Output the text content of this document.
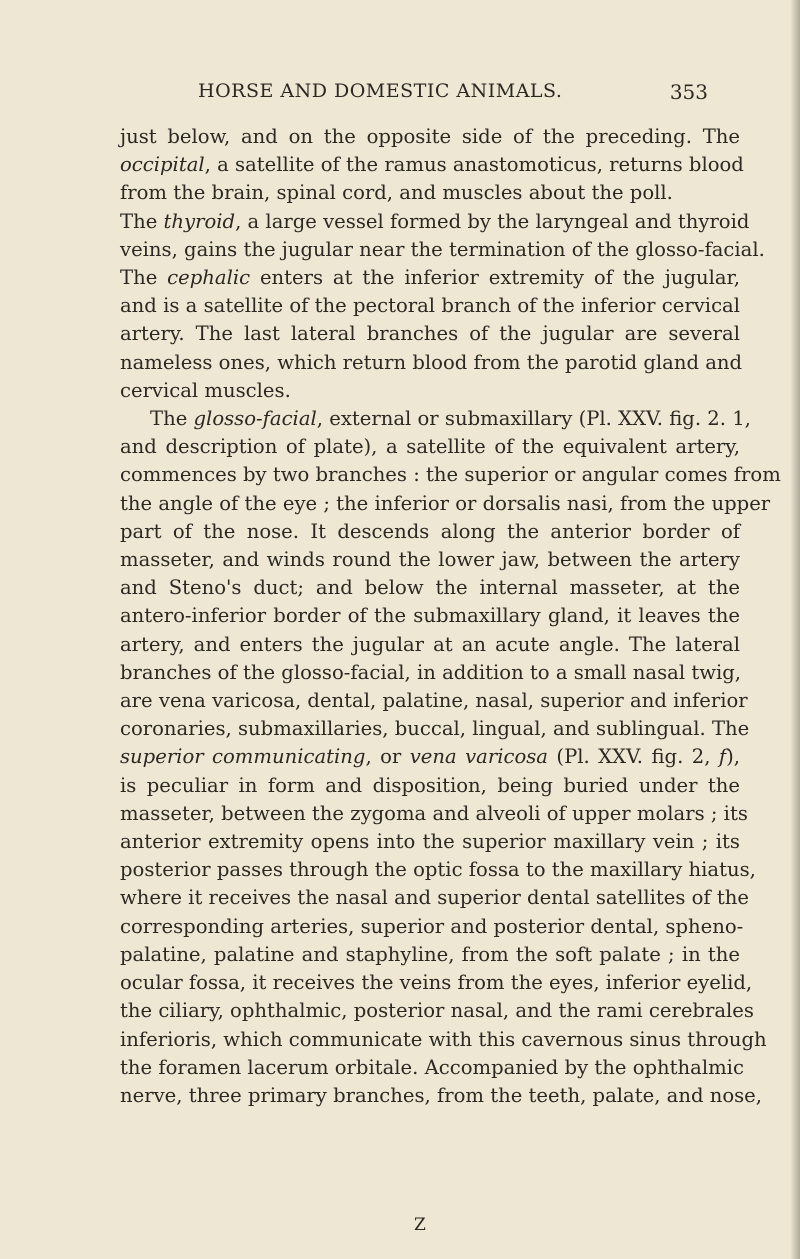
HORSE AND DOMESTIC ANIMALS.	353
just below, and on the opposite side of the preceding. The
occipital, a satellite of the ramus anastomoticus, returns blood
from the brain, spinal cord, and muscles about the poll.
The thyroid, a large vessel formed by the laryngeal and thyroid
veins, gains the jugular near the termination of the glosso-facial.
The cephalic enters at the inferior extremity of the jugular,
and is a satellite of the pectoral branch of the inferior cervical
artery. The last lateral branches of the jugular are several
nameless ones, which return blood from the parotid gland and
cervical muscles.
The glosso-facial, external or submaxillary (Pl. XXV. fig. 2. 1,
and description of plate), a satellite of the equivalent artery,
commences by two branches : the superior or angular comes from
the angle of the eye ; the inferior or dorsalis nasi, from the upper
part of the nose. It descends along the anterior border of
masseter, and winds round the lower jaw, between the artery
and Steno's duct; and below the internal masseter, at the
antero-inferior border of the submaxillary gland, it leaves the
artery, and enters the jugular at an acute angle. The lateral
branches of the glosso-facial, in addition to a small nasal twig,
are vena varicosa, dental, palatine, nasal, superior and inferior
coronaries, submaxillaries, buccal, lingual, and sublingual. The
superior communicating, or vena varicosa (Pl. XXV. fig. 2, f),
is peculiar in form and disposition, being buried under the
masseter, between the zygoma and alveoli of upper molars ; its
anterior extremity opens into the superior maxillary vein ; its
posterior passes through the optic fossa to the maxillary hiatus,
where it receives the nasal and superior dental satellites of the
corresponding arteries, superior and posterior dental, spheno-
palatine, palatine and staphyline, from the soft palate ; in the
ocular fossa, it receives the veins from the eyes, inferior eyelid,
the ciliary, ophthalmic, posterior nasal, and the rami cerebrales
inferioris, which communicate with this cavernous sinus through
the foramen lacerum orbitale. Accompanied by the ophthalmic
nerve, three primary branches, from the teeth, palate, and nose,
Z
